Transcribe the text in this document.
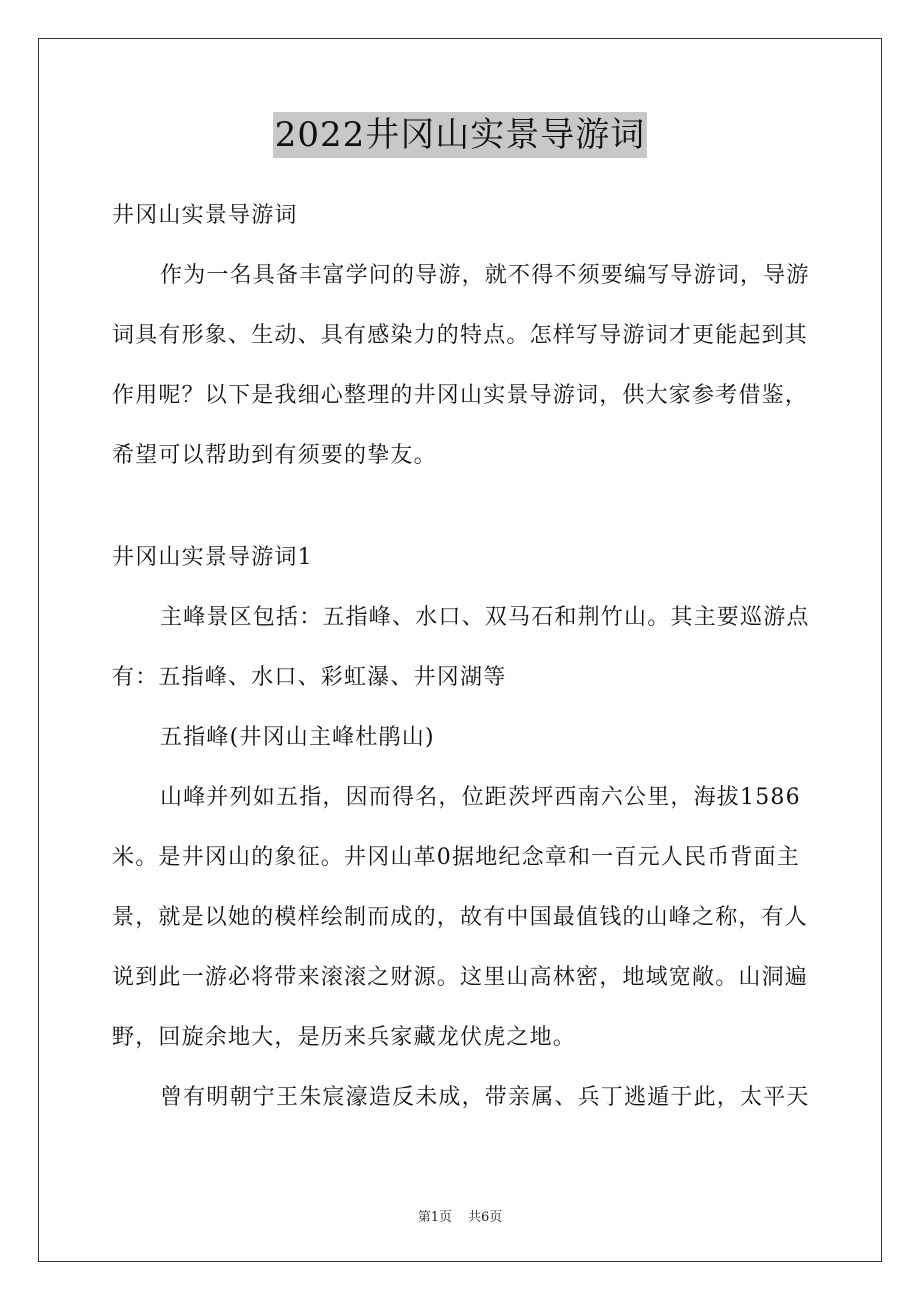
2022井冈山实景导游词
井冈山实景导游词
作为一名具备丰富学问的导游，就不得不须要编写导游词，导游
词具有形象、生动、具有感染力的特点。怎样写导游词才更能起到其
作用呢？以下是我细心整理的井冈山实景导游词，供大家参考借鉴，
希望可以帮助到有须要的挚友。
井冈山实景导游词1
主峰景区包括：五指峰、水口、双马石和荆竹山。其主要巡游点
有：五指峰、水口、彩虹瀑、井冈湖等
五指峰(井冈山主峰杜鹃山)
山峰并列如五指，因而得名，位距茨坪西南六公里，海拔1586
米。是井冈山的象征。井冈山革0据地纪念章和一百元人民币背面主
景，就是以她的模样绘制而成的，故有中国最值钱的山峰之称，有人
说到此一游必将带来滚滚之财源。这里山高林密，地域宽敞。山洞遍
野，回旋余地大，是历来兵家藏龙伏虎之地。
曾有明朝宁王朱宸濠造反未成，带亲属、兵丁逃遁于此，太平天
第1页 共6页
